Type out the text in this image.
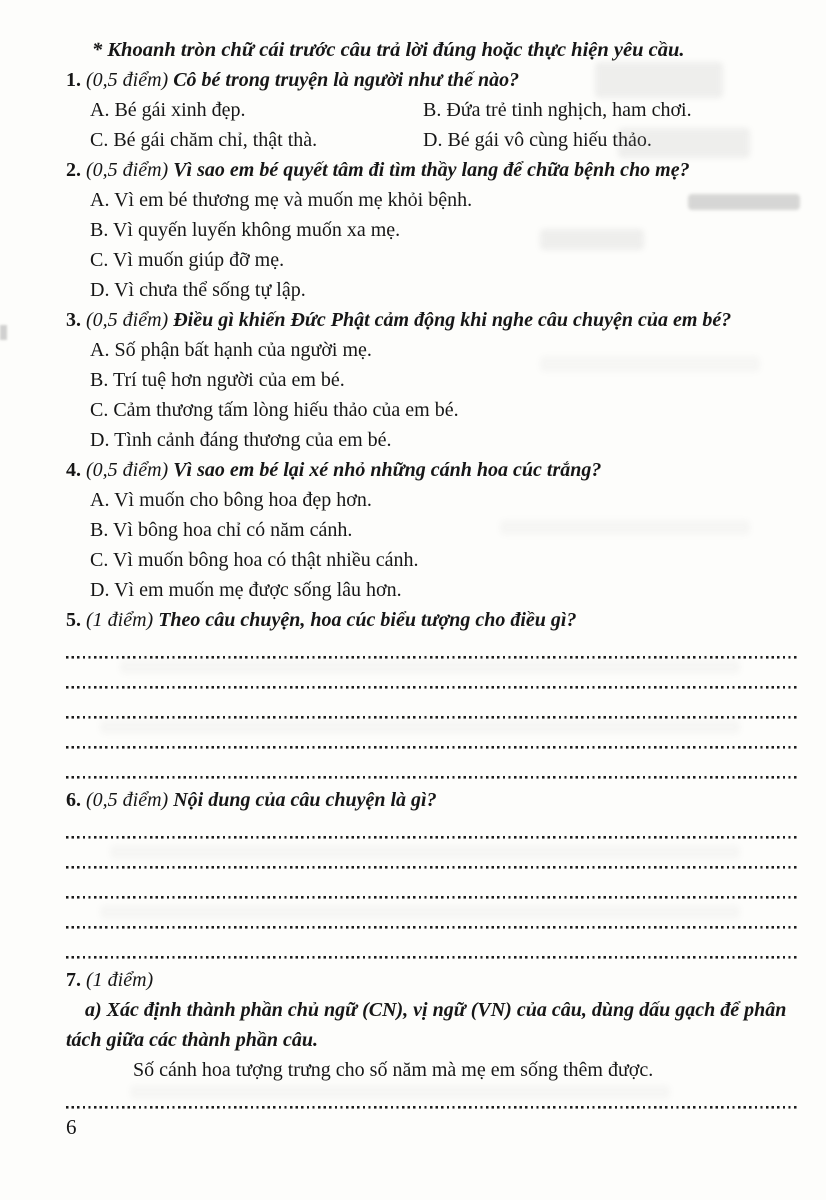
* Khoanh tròn chữ cái trước câu trả lời đúng hoặc thực hiện yêu cầu.
1. (0,5 điểm) Cô bé trong truyện là người như thế nào?
A. Bé gái xinh đẹp.	B. Đứa trẻ tinh nghịch, ham chơi.
C. Bé gái chăm chỉ, thật thà.	D. Bé gái vô cùng hiếu thảo.
2. (0,5 điểm) Vì sao em bé quyết tâm đi tìm thầy lang để chữa bệnh cho mẹ?
A. Vì em bé thương mẹ và muốn mẹ khỏi bệnh.
B. Vì quyến luyến không muốn xa mẹ.
C. Vì muốn giúp đỡ mẹ.
D. Vì chưa thể sống tự lập.
3. (0,5 điểm) Điều gì khiến Đức Phật cảm động khi nghe câu chuyện của em bé?
A. Số phận bất hạnh của người mẹ.
B. Trí tuệ hơn người của em bé.
C. Cảm thương tấm lòng hiếu thảo của em bé.
D. Tình cảnh đáng thương của em bé.
4. (0,5 điểm) Vì sao em bé lại xé nhỏ những cánh hoa cúc trắng?
A. Vì muốn cho bông hoa đẹp hơn.
B. Vì bông hoa chỉ có năm cánh.
C. Vì muốn bông hoa có thật nhiều cánh.
D. Vì em muốn mẹ được sống lâu hơn.
5. (1 điểm) Theo câu chuyện, hoa cúc biểu tượng cho điều gì?
6. (0,5 điểm) Nội dung của câu chuyện là gì?
7. (1 điểm)
a) Xác định thành phần chủ ngữ (CN), vị ngữ (VN) của câu, dùng dấu gạch để phân tách giữa các thành phần câu.
Số cánh hoa tượng trưng cho số năm mà mẹ em sống thêm được.
6
